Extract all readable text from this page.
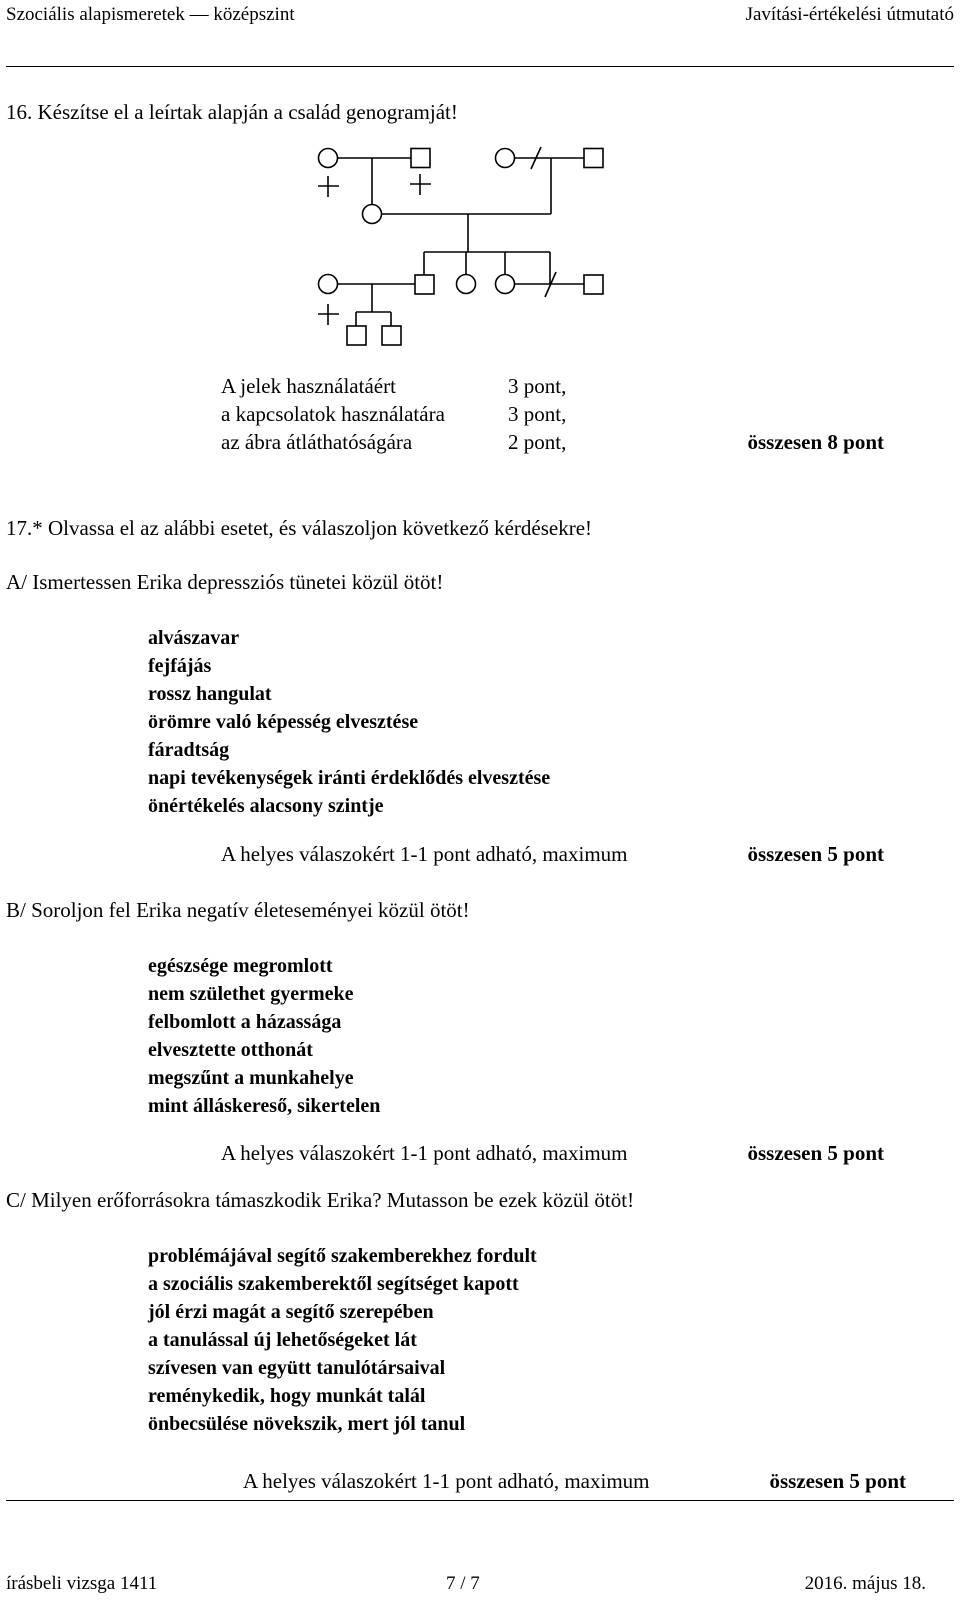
Szociális alapismeretek — középszint	Javítási-értékelési útmutató
16. Készítse el a leírtak alapján a család genogramját!
A jelek használatáért	3 pont,
a kapcsolatok használatára	3 pont,
az ábra átláthatóságára	2 pont,	összesen 8 pont
17.* Olvassa el az alábbi esetet, és válaszoljon következő kérdésekre!
A/ Ismertessen Erika depressziós tünetei közül ötöt!
alvászavar
fejfájás
rossz hangulat
örömre való képesség elvesztése
fáradtság
napi tevékenységek iránti érdeklődés elvesztése
önértékelés alacsony szintje
A helyes válaszokért 1-1 pont adható, maximum	összesen 5 pont
B/ Soroljon fel Erika negatív életeseményei közül ötöt!
egészsége megromlott
nem születhet gyermeke
felbomlott a házassága
elvesztette otthonát
megszűnt a munkahelye
mint álláskereső, sikertelen
A helyes válaszokért 1-1 pont adható, maximum	összesen 5 pont
C/ Milyen erőforrásokra támaszkodik Erika? Mutasson be ezek közül ötöt!
problémájával segítő szakemberekhez fordult
a szociális szakemberektől segítséget kapott
jól érzi magát a segítő szerepében
a tanulással új lehetőségeket lát
szívesen van együtt tanulótársaival
reménykedik, hogy munkát talál
önbecsülése növekszik, mert jól tanul
A helyes válaszokért 1-1 pont adható, maximum	összesen 5 pont
írásbeli vizsga 1411	7 / 7	2016. május 18.
